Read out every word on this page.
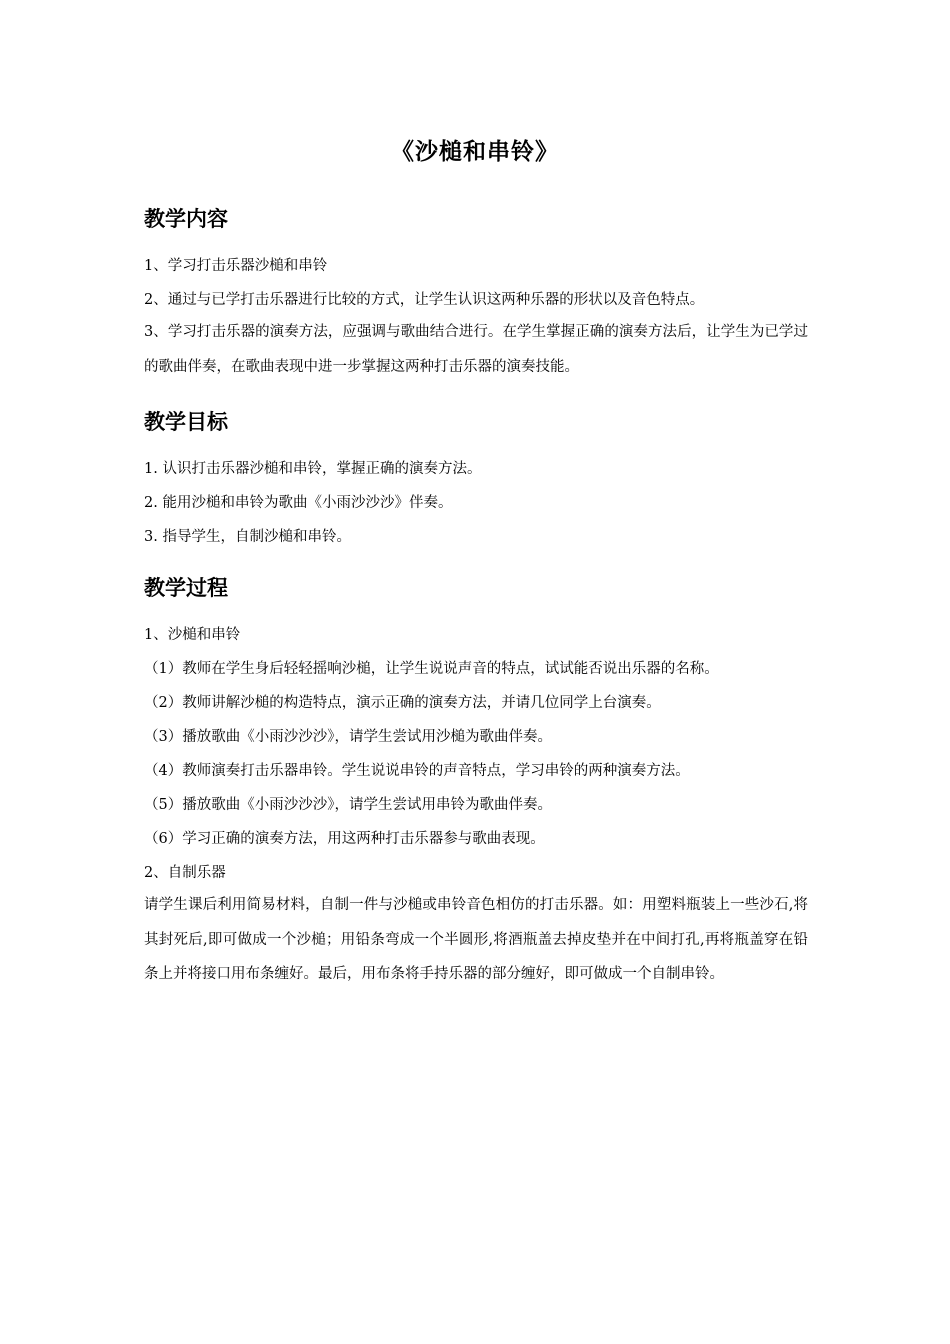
《沙槌和串铃》
教学内容
1、学习打击乐器沙槌和串铃
2、通过与已学打击乐器进行比较的方式，让学生认识这两种乐器的形状以及音色特点。
3、学习打击乐器的演奏方法，应强调与歌曲结合进行。在学生掌握正确的演奏方法后，让学生为已学过的歌曲伴奏，在歌曲表现中进一步掌握这两种打击乐器的演奏技能。
教学目标
1. 认识打击乐器沙槌和串铃，掌握正确的演奏方法。
2. 能用沙槌和串铃为歌曲《小雨沙沙沙》伴奏。
3. 指导学生，自制沙槌和串铃。
教学过程
1、沙槌和串铃
（1）教师在学生身后轻轻摇响沙槌，让学生说说声音的特点，试试能否说出乐器的名称。
（2）教师讲解沙槌的构造特点，演示正确的演奏方法，并请几位同学上台演奏。
（3）播放歌曲《小雨沙沙沙》，请学生尝试用沙槌为歌曲伴奏。
（4）教师演奏打击乐器串铃。学生说说串铃的声音特点，学习串铃的两种演奏方法。
（5）播放歌曲《小雨沙沙沙》，请学生尝试用串铃为歌曲伴奏。
（6）学习正确的演奏方法，用这两种打击乐器参与歌曲表现。
2、自制乐器
请学生课后利用简易材料，自制一件与沙槌或串铃音色相仿的打击乐器。如：用塑料瓶装上一些沙石,将其封死后,即可做成一个沙槌；用铅条弯成一个半圆形,将酒瓶盖去掉皮垫并在中间打孔,再将瓶盖穿在铅条上并将接口用布条缠好。最后，用布条将手持乐器的部分缠好，即可做成一个自制串铃。
